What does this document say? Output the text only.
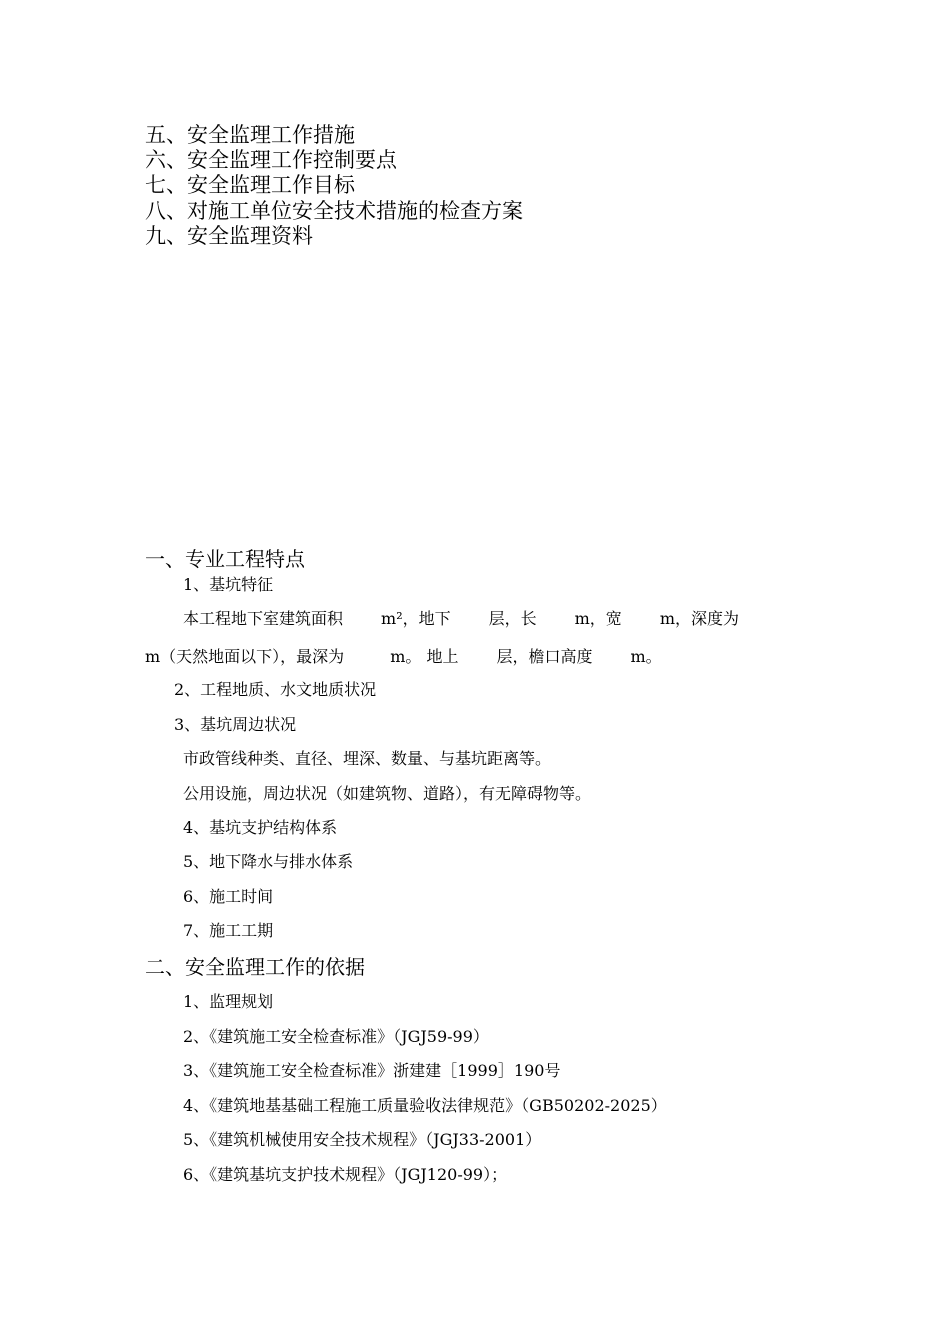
五、安全监理工作措施
六、安全监理工作控制要点
七、安全监理工作目标
八、对施工单位安全技术措施的检查方案
九、安全监理资料
一、专业工程特点
1、基坑特征
本工程地下室建筑面积 m²，地下 层，长 m，宽 m，深度为
m（天然地面以下），最深为	m。 地上 层，檐口高度 m。
2、工程地质、水文地质状况
3、基坑周边状况
市政管线种类、直径、埋深、数量、与基坑距离等。
公用设施，周边状况（如建筑物、道路），有无障碍物等。
4、基坑支护结构体系
5、地下降水与排水体系
6、施工时间
7、施工工期
二、安全监理工作的依据
1、监理规划
2、《建筑施工安全检查标准》（JGJ59-99）
3、《建筑施工安全检查标准》浙建建［1999］190号
4、《建筑地基基础工程施工质量验收法律规范》（GB50202-2025）
5、《建筑机械使用安全技术规程》（JGJ33-2001）
6、《建筑基坑支护技术规程》（JGJ120-99）；
